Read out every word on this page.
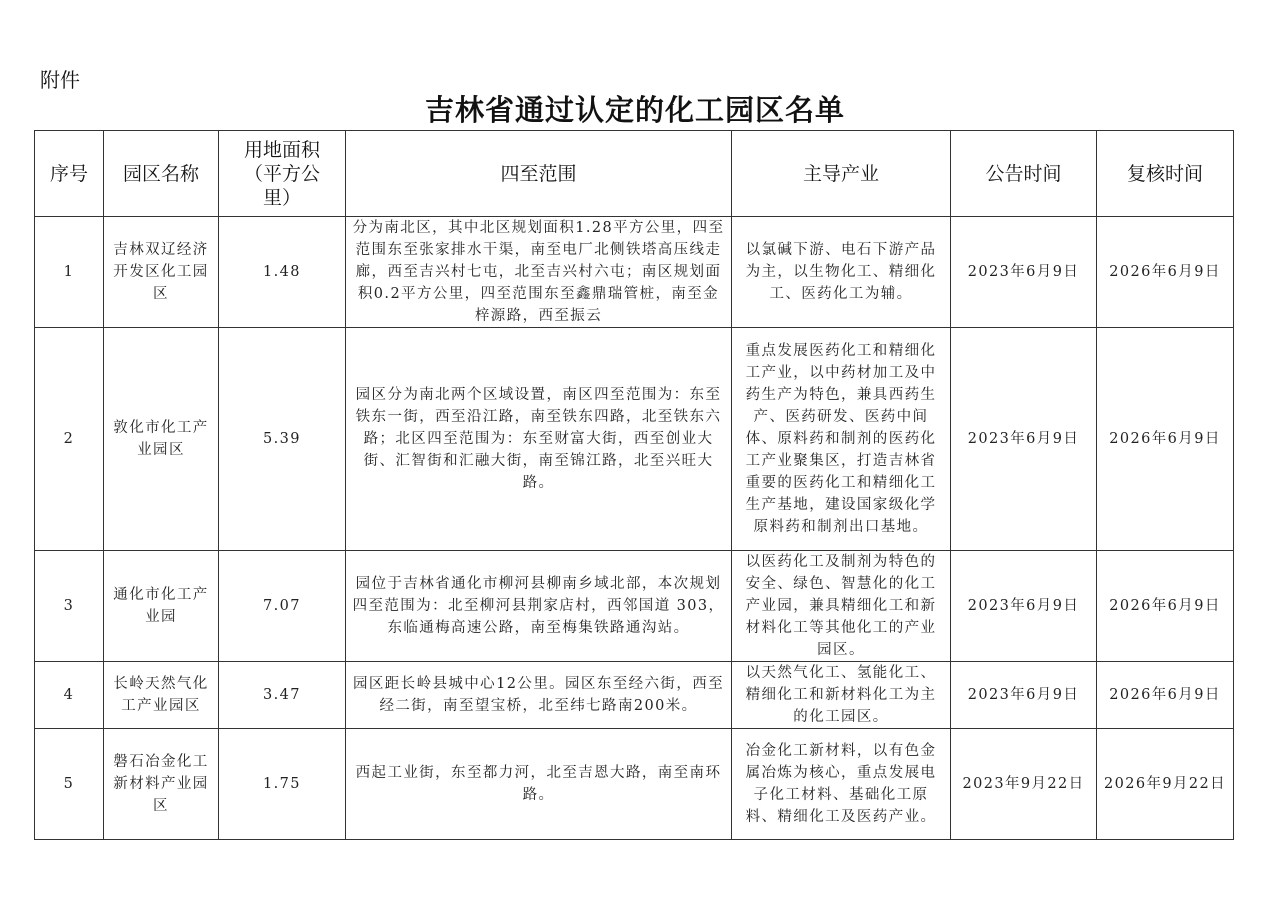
附件
吉林省通过认定的化工园区名单
序号	园区名称	用地面积（平方公里）	四至范围	主导产业	公告时间	复核时间
1	吉林双辽经济开发区化工园区	1.48	分为南北区，其中北区规划面积1.28平方公里，四至范围东至张家排水干渠，南至电厂北侧铁塔高压线走廊，西至吉兴村七屯，北至吉兴村六屯；南区规划面积0.2平方公里，四至范围东至鑫鼎瑞管桩，南至金梓源路，西至振云	以氯碱下游、电石下游产品为主，以生物化工、精细化工、医药化工为辅。	2023年6月9日	2026年6月9日
2	敦化市化工产业园区	5.39	园区分为南北两个区域设置，南区四至范围为：东至铁东一街，西至沿江路，南至铁东四路，北至铁东六路；北区四至范围为：东至财富大街，西至创业大街、汇智街和汇融大街，南至锦江路，北至兴旺大路。	重点发展医药化工和精细化工产业，以中药材加工及中药生产为特色，兼具西药生产、医药研发、医药中间体、原料药和制剂的医药化工产业聚集区，打造吉林省重要的医药化工和精细化工生产基地，建设国家级化学原料药和制剂出口基地。	2023年6月9日	2026年6月9日
3	通化市化工产业园	7.07	园位于吉林省通化市柳河县柳南乡域北部，本次规划四至范围为：北至柳河县荆家店村，西邻国道 303，东临通梅高速公路，南至梅集铁路通沟站。	以医药化工及制剂为特色的安全、绿色、智慧化的化工产业园，兼具精细化工和新材料化工等其他化工的产业园区。	2023年6月9日	2026年6月9日
4	长岭天然气化工产业园区	3.47	园区距长岭县城中心12公里。园区东至经六街，西至经二街，南至望宝桥，北至纬七路南200米。	以天然气化工、氢能化工、精细化工和新材料化工为主的化工园区。	2023年6月9日	2026年6月9日
5	磐石冶金化工新材料产业园区	1.75	西起工业街，东至都力河，北至吉恩大路，南至南环路。	冶金化工新材料，以有色金属冶炼为核心，重点发展电子化工材料、基础化工原料、精细化工及医药产业。	2023年9月22日	2026年9月22日
